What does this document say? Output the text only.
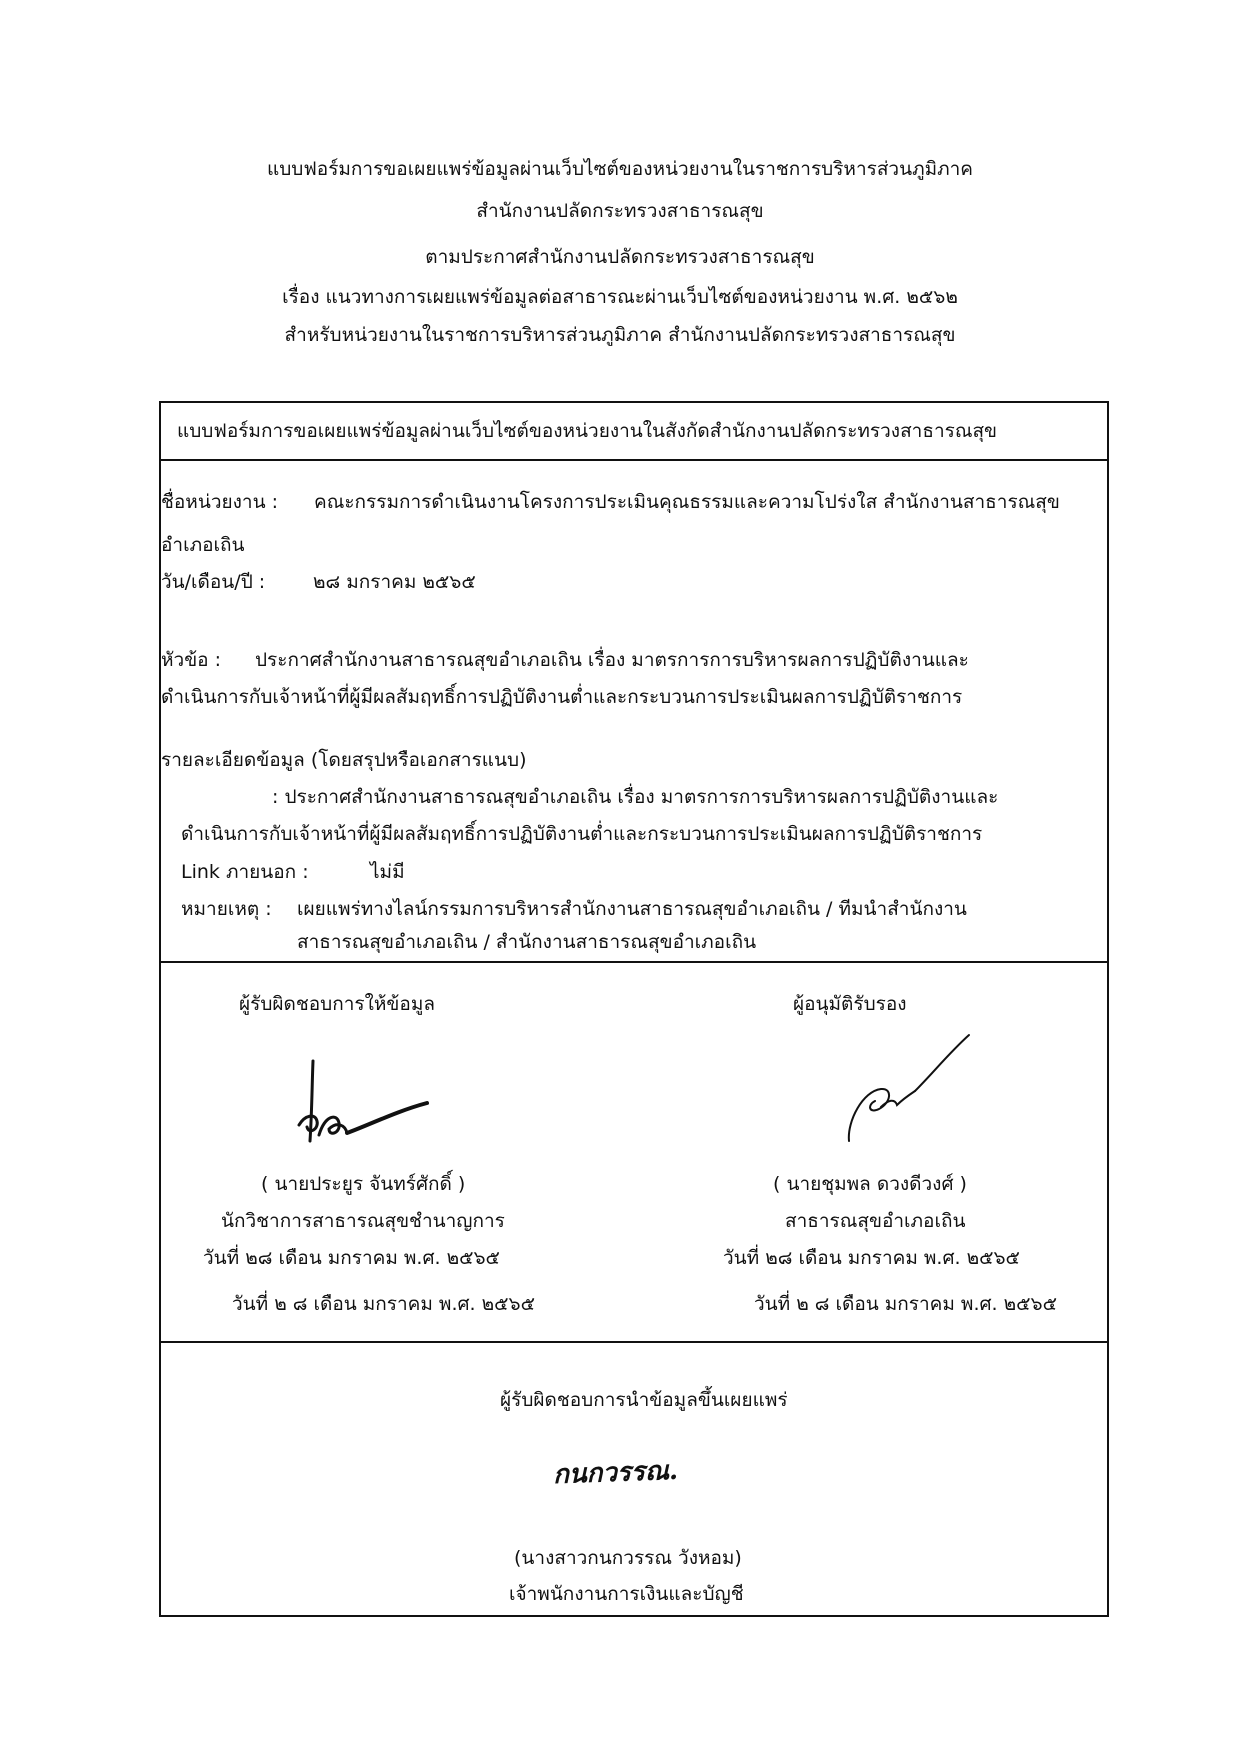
แบบฟอร์มการขอเผยแพร่ข้อมูลผ่านเว็บไซต์ของหน่วยงานในราชการบริหารส่วนภูมิภาค
สำนักงานปลัดกระทรวงสาธารณสุข
ตามประกาศสำนักงานปลัดกระทรวงสาธารณสุข
เรื่อง แนวทางการเผยแพร่ข้อมูลต่อสาธารณะผ่านเว็บไซต์ของหน่วยงาน พ.ศ. ๒๕๖๒
สำหรับหน่วยงานในราชการบริหารส่วนภูมิภาค สำนักงานปลัดกระทรวงสาธารณสุข
แบบฟอร์มการขอเผยแพร่ข้อมูลผ่านเว็บไซต์ของหน่วยงานในสังกัดสำนักงานปลัดกระทรวงสาธารณสุข
ชื่อหน่วยงาน : คณะกรรมการดำเนินงานโครงการประเมินคุณธรรมและความโปร่งใส สำนักงานสาธารณสุข
อำเภอเถิน
วัน/เดือน/ปี :	๒๘ มกราคม ๒๕๖๕
หัวข้อ : ประกาศสำนักงานสาธารณสุขอำเภอเถิน เรื่อง มาตรการการบริหารผลการปฏิบัติงานและ
ดำเนินการกับเจ้าหน้าที่ผู้มีผลสัมฤทธิ์การปฏิบัติงานต่ำและกระบวนการประเมินผลการปฏิบัติราชการ
รายละเอียดข้อมูล (โดยสรุปหรือเอกสารแนบ)
: ประกาศสำนักงานสาธารณสุขอำเภอเถิน เรื่อง มาตรการการบริหารผลการปฏิบัติงานและ
ดำเนินการกับเจ้าหน้าที่ผู้มีผลสัมฤทธิ์การปฏิบัติงานต่ำและกระบวนการประเมินผลการปฏิบัติราชการ
Link ภายนอก :	ไม่มี
หมายเหตุ : เผยแพร่ทางไลน์กรรมการบริหารสำนักงานสาธารณสุขอำเภอเถิน / ทีมนำสำนักงาน
สาธารณสุขอำเภอเถิน / สำนักงานสาธารณสุขอำเภอเถิน
ผู้รับผิดชอบการให้ข้อมูล
( นายประยูร จันทร์ศักดิ์ )
นักวิชาการสาธารณสุขชำนาญการ
วันที่ ๒๘ เดือน มกราคม พ.ศ. ๒๕๖๕
วันที่ ๒ ๘ เดือน มกราคม พ.ศ. ๒๕๖๕
ผู้อนุมัติรับรอง
( นายชุมพล ดวงดีวงศ์ )
สาธารณสุขอำเภอเถิน
วันที่ ๒๘ เดือน มกราคม พ.ศ. ๒๕๖๕
วันที่ ๒ ๘ เดือน มกราคม พ.ศ. ๒๕๖๕
ผู้รับผิดชอบการนำข้อมูลขึ้นเผยแพร่
กนกวรรณ.
(นางสาวกนกวรรณ วังหอม)
เจ้าพนักงานการเงินและบัญชี
